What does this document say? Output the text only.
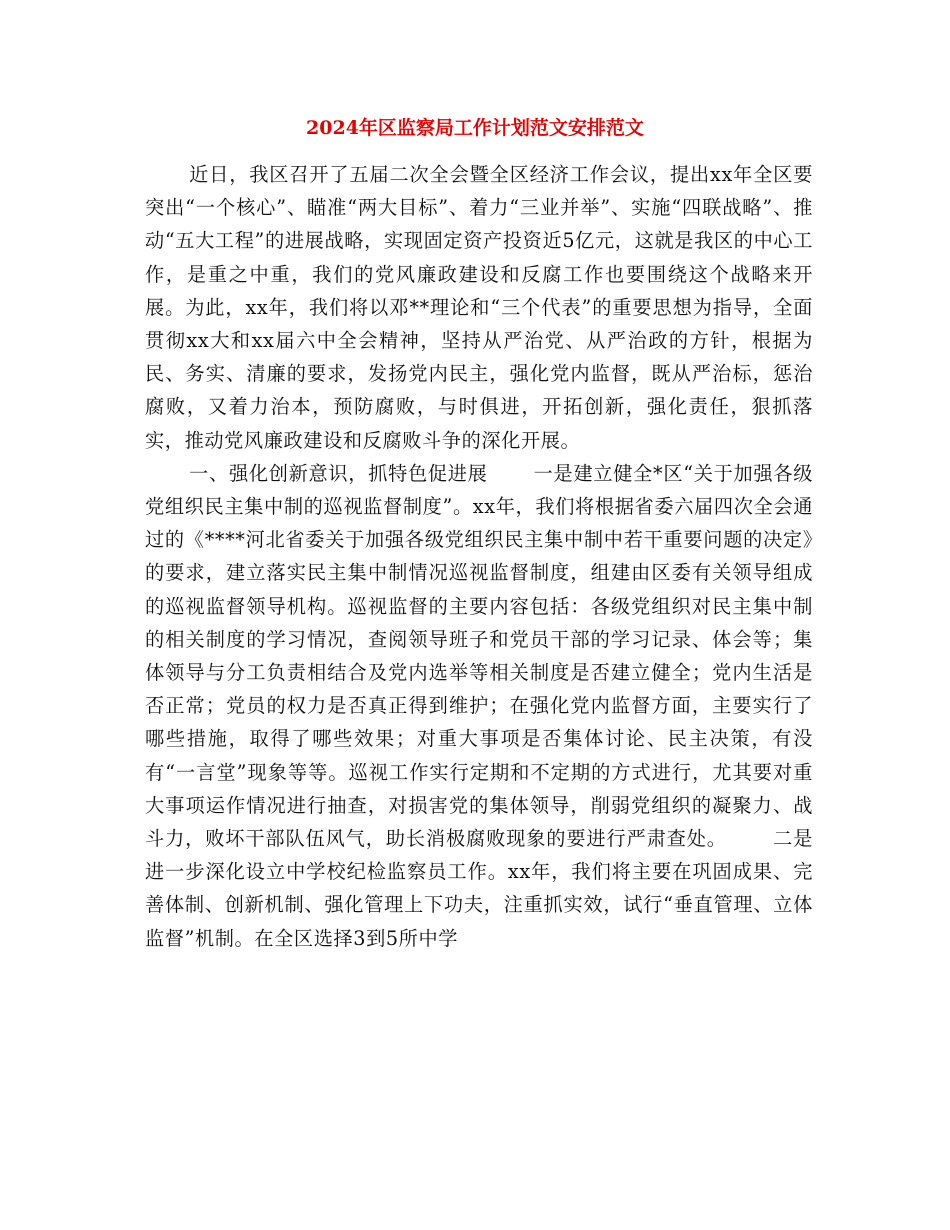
2024年区监察局工作计划范文安排范文

近日，我区召开了五届二次全会暨全区经济工作会议，提出xx年全区要突出“一个核心”、瞄准“两大目标”、着力“三业并举”、实施“四联战略”、推动“五大工程”的进展战略，实现固定资产投资近5亿元，这就是我区的中心工作，是重之中重，我们的党风廉政建设和反腐工作也要围绕这个战略来开展。为此，xx年，我们将以邓**理论和“三个代表”的重要思想为指导，全面贯彻xx大和xx届六中全会精神，坚持从严治党、从严治政的方针，根据为民、务实、清廉的要求，发扬党内民主，强化党内监督，既从严治标，惩治腐败，又着力治本，预防腐败，与时俱进，开拓创新，强化责任，狠抓落实，推动党风廉政建设和反腐败斗争的深化开展。

一、强化创新意识，抓特色促进展 一是建立健全*区“关于加强各级党组织民主集中制的巡视监督制度”。xx年，我们将根据省委六届四次全会通过的《****河北省委关于加强各级党组织民主集中制中若干重要问题的决定》的要求，建立落实民主集中制情况巡视监督制度，组建由区委有关领导组成的巡视监督领导机构。巡视监督的主要内容包括：各级党组织对民主集中制的相关制度的学习情况，查阅领导班子和党员干部的学习记录、体会等；集体领导与分工负责相结合及党内选举等相关制度是否建立健全；党内生活是否正常；党员的权力是否真正得到维护；在强化党内监督方面，主要实行了哪些措施，取得了哪些效果；对重大事项是否集体讨论、民主决策，有没有“一言堂”现象等等。巡视工作实行定期和不定期的方式进行，尤其要对重大事项运作情况进行抽查，对损害党的集体领导，削弱党组织的凝聚力、战斗力，败坏干部队伍风气，助长消极腐败现象的要进行严肃查处。 二是进一步深化设立中学校纪检监察员工作。xx年，我们将主要在巩固成果、完善体制、创新机制、强化管理上下功夫，注重抓实效，试行“垂直管理、立体监督”机制。在全区选择3到5所中学
